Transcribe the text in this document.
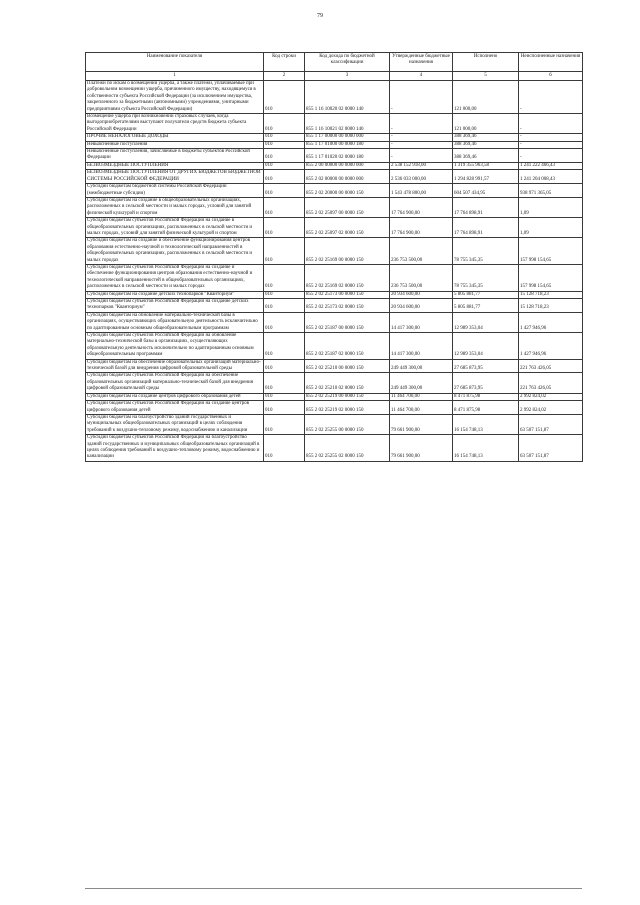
79
Наименование показателя	Код строки	Код дохода по бюджетной классификации	Утвержденные бюджетные назначения	Исполнено	Неисполненные назначения
1	2	3	4	5	6
Платежи по искам о возмещении ущерба, а также платежи, уплачиваемые при добровольном возмещении ущерба, причиненного имуществу, находящемуся в собственности субъекта Российской Федерации (за исключением имущества, закрепленного за бюджетными (автономными) учреждениями, унитарными предприятиями субъекта Российской Федерации)	010	855 1 16 10020 02 0000 140	-	121 000,00	-
Возмещение ущерба при возникновении страховых случаев, когда выгодоприобретателями выступают получатели средств бюджета субъекта Российской Федерации	010	855 1 16 10021 02 0000 140	-	121 000,00	-
ПРОЧИЕ НЕНАЛОГОВЫЕ ДОХОДЫ	010	855 1 17 00000 00 0000 000	-	388 369,46	-
Невыясненные поступления	010	855 1 17 01000 00 0000 180	-	388 369,46	-
Невыясненные поступления, зачисляемые в бюджеты субъектов Российской Федерации	010	855 1 17 01020 02 0000 180	-	388 369,46	-
БЕЗВОЗМЕЗДНЫЕ ПОСТУПЛЕНИЯ	010	855 2 00 00000 00 0000 000	2 538 152 918,00	1 319 355 963,58	1 241 222 466,43
БЕЗВОЗМЕЗДНЫЕ ПОСТУПЛЕНИЯ ОТ ДРУГИХ БЮДЖЕТОВ БЮДЖЕТНОЙ СИСТЕМЫ РОССИЙСКОЙ ФЕДЕРАЦИИ	010	855 2 02 00000 00 0000 000	2 536 033 000,00	1 294 828 991,57	1 241 204 008,43
Субсидии бюджетам бюджетной системы Российской Федерации (межбюджетные субсидии)	010	855 2 02 20000 00 0000 150	1 543 478 800,00	604 507 434,95	938 971 365,05
Субсидии бюджетам на создание в общеобразовательных организациях, расположенных в сельской местности и малых городах, условий для занятий физической культурой и спортом	010	855 2 02 25097 00 0000 150	17 764 900,00	17 764 898,91	1,09
Субсидии бюджетам субъектов Российской Федерации на создание в общеобразовательных организациях, расположенных в сельской местности и малых городах, условий для занятий физической культурой и спортом	010	855 2 02 25097 02 0000 150	17 764 900,00	17 764 898,91	1,09
Субсидии бюджетам на создание и обеспечение функционирования центров образования естественно-научной и технологической направленностей в общеобразовательных организациях, расположенных в сельской местности и малых городах	010	855 2 02 25169 00 0000 150	236 753 500,00	78 755 345,35	157 998 154,65
Субсидии бюджетам субъектов Российской Федерации на создание и обеспечение функционирования центров образования естественно-научной и технологической направленностей в общеобразовательных организациях, расположенных в сельской местности и малых городах	010	855 2 02 25169 02 0000 150	236 753 500,00	78 755 345,35	157 998 154,65
Субсидии бюджетам на создание детских технопарков "Кванториум"	010	855 2 02 25173 00 0000 150	20 934 600,00	5 805 881,77	15 128 718,23
Субсидии бюджетам субъектов Российской Федерации на создание детских технопарков "Кванториум"	010	855 2 02 25173 02 0000 150	20 934 600,00	5 805 881,77	15 128 718,23
Субсидии бюджетам на обновление материально-технической базы в организациях, осуществляющих образовательную деятельность исключительно по адаптированным основным общеобразовательным программам	010	855 2 02 25187 00 0000 150	14 417 300,00	12 989 353,04	1 427 946,96
Субсидии бюджетам субъектов Российской Федерации на обновление материально-технической базы в организациях, осуществляющих образовательную деятельность исключительно по адаптированным основным общеобразовательным программам	010	855 2 02 25187 02 0000 150	14 417 300,00	12 989 353,04	1 427 946,96
Субсидии бюджетам на обеспечение образовательных организаций материально-технической базой для внедрения цифровой образовательной среды	010	855 2 02 25210 00 0000 150	249 449 300,00	27 685 873,95	221 763 426,05
Субсидии бюджетам субъектов Российской Федерации на обеспечение образовательных организаций материально-технической базой для внедрения цифровой образовательной среды	010	855 2 02 25210 02 0000 150	249 449 300,00	27 685 873,95	221 763 426,05
Субсидии бюджетам на создание центров цифрового образования детей	010	855 2 02 25219 00 0000 150	11 464 700,00	8 471 875,98	2 992 824,02
Субсидии бюджетам субъектов Российской Федерации на создание центров цифрового образования детей	010	855 2 02 25219 02 0000 150	11 464 700,00	8 471 875,98	2 992 824,02
Субсидии бюджетам на благоустройство зданий государственных и муниципальных общеобразовательных организаций в целях соблюдения требований к воздушно-тепловому режиму, водоснабжению и канализации	010	855 2 02 25255 00 0000 150	79 661 900,00	16 154 748,13	63 507 151,87
Субсидии бюджетам субъектов Российской Федерации на благоустройство зданий государственных и муниципальных общеобразовательных организаций в целях соблюдения требований к воздушно-тепловому режиму, водоснабжению и канализации	010	855 2 02 25255 02 0000 150	79 661 900,00	16 154 748,13	63 507 151,87
